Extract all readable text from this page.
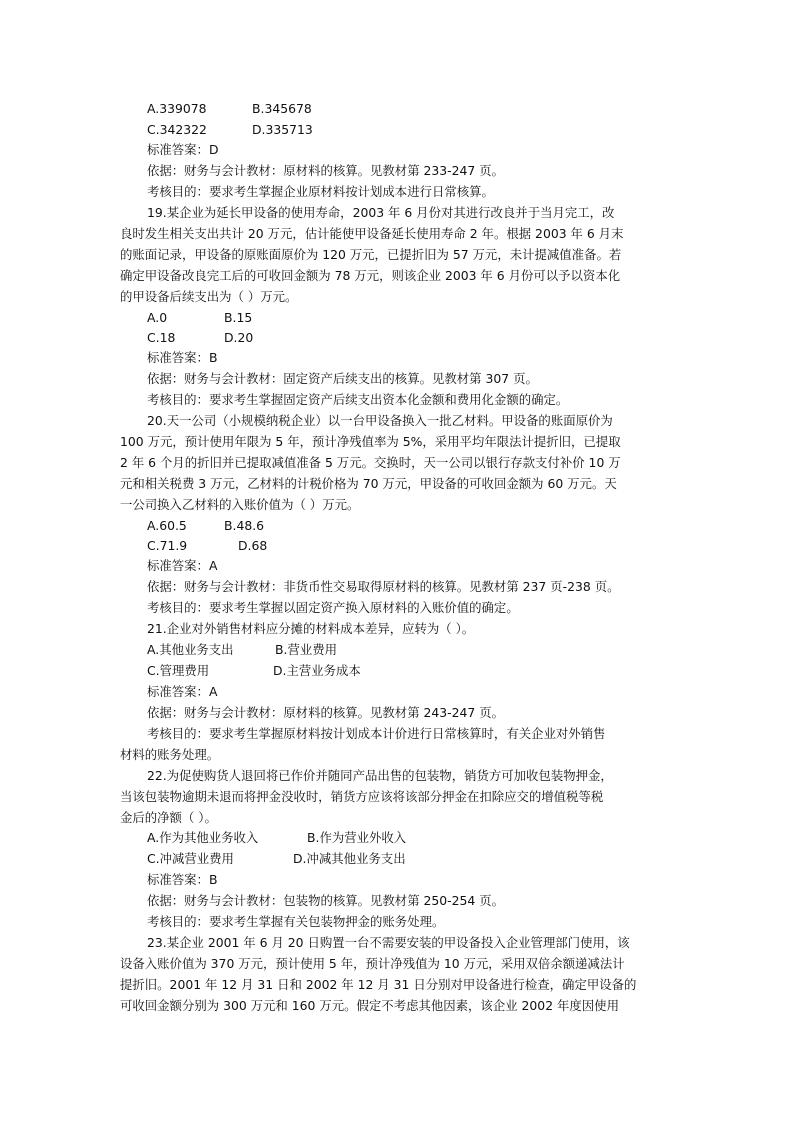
A.339078	B.345678
C.342322	D.335713
标准答案：D
依据：财务与会计教材：原材料的核算。见教材第 233-247 页。
考核目的：要求考生掌握企业原材料按计划成本进行日常核算。
19.某企业为延长甲设备的使用寿命，2003 年 6 月份对其进行改良并于当月完工，改
良时发生相关支出共计 20 万元，估计能使甲设备延长使用寿命 2 年。根据 2003 年 6 月末
的账面记录，甲设备的原账面原价为 120 万元，已提折旧为 57 万元，未计提减值准备。若
确定甲设备改良完工后的可收回金额为 78 万元，则该企业 2003 年 6 月份可以予以资本化
的甲设备后续支出为（ ）万元。
A.0	B.15
C.18	D.20
标准答案：B
依据：财务与会计教材：固定资产后续支出的核算。见教材第 307 页。
考核目的：要求考生掌握固定资产后续支出资本化金额和费用化金额的确定。
20.天一公司（小规模纳税企业）以一台甲设备换入一批乙材料。甲设备的账面原价为
100 万元，预计使用年限为 5 年，预计净残值率为 5%，采用平均年限法计提折旧，已提取
2 年 6 个月的折旧并已提取减值准备 5 万元。交换时，天一公司以银行存款支付补价 10 万
元和相关税费 3 万元，乙材料的计税价格为 70 万元，甲设备的可收回金额为 60 万元。天
一公司换入乙材料的入账价值为（ ）万元。
A.60.5	B.48.6
C.71.9	D.68
标准答案：A
依据：财务与会计教材：非货币性交易取得原材料的核算。见教材第 237 页-238 页。
考核目的：要求考生掌握以固定资产换入原材料的入账价值的确定。
21.企业对外销售材料应分摊的材料成本差异，应转为（ ）。
A.其他业务支出	B.营业费用
C.管理费用	D.主营业务成本
标准答案：A
依据：财务与会计教材：原材料的核算。见教材第 243-247 页。
考核目的：要求考生掌握原材料按计划成本计价进行日常核算时，有关企业对外销售
材料的账务处理。
22.为促使购货人退回将已作价并随同产品出售的包装物，销货方可加收包装物押金，
当该包装物逾期未退而将押金没收时，销货方应该将该部分押金在扣除应交的增值税等税
金后的净额（ ）。
A.作为其他业务收入	B.作为营业外收入
C.冲减营业费用	D.冲减其他业务支出
标准答案：B
依据：财务与会计教材：包装物的核算。见教材第 250-254 页。
考核目的：要求考生掌握有关包装物押金的账务处理。
23.某企业 2001 年 6 月 20 日购置一台不需要安装的甲设备投入企业管理部门使用，该
设备入账价值为 370 万元，预计使用 5 年，预计净残值为 10 万元，采用双倍余额递减法计
提折旧。2001 年 12 月 31 日和 2002 年 12 月 31 日分别对甲设备进行检查，确定甲设备的
可收回金额分别为 300 万元和 160 万元。假定不考虑其他因素，该企业 2002 年度因使用
